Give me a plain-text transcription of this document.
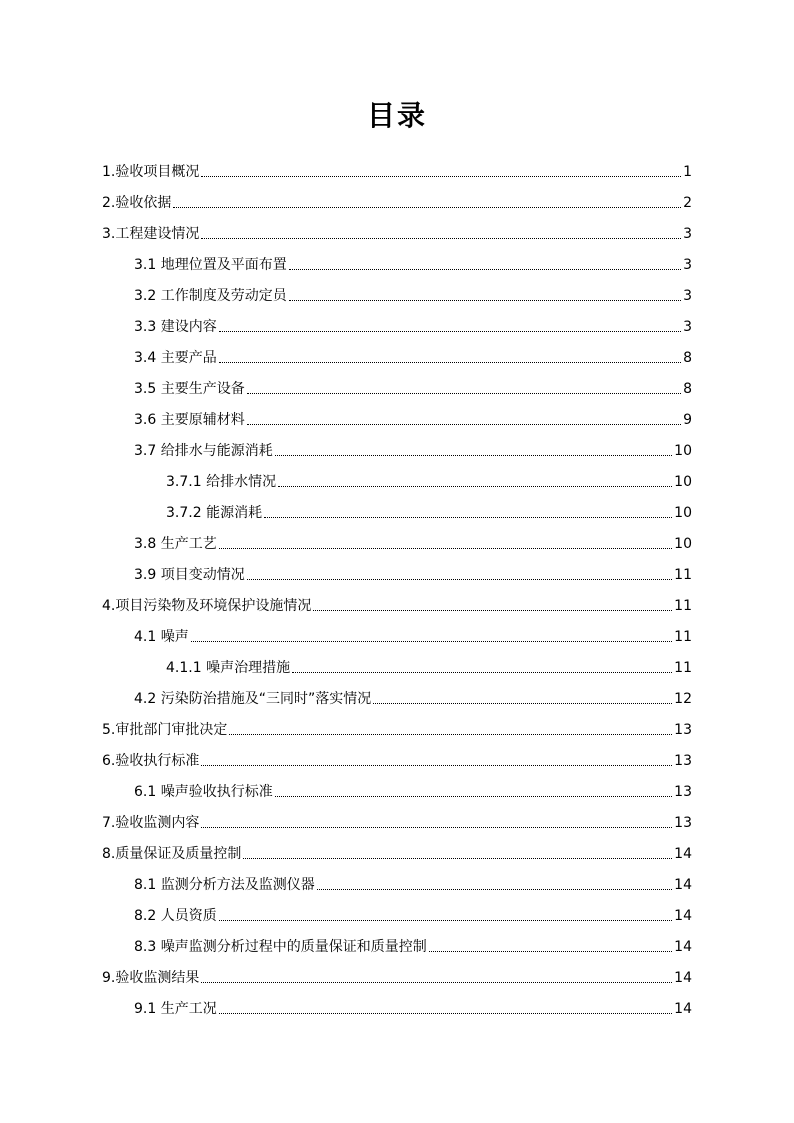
目录
1.验收项目概况	1
2.验收依据	2
3.工程建设情况	3
3.1 地理位置及平面布置	3
3.2 工作制度及劳动定员	3
3.3 建设内容	3
3.4 主要产品	8
3.5 主要生产设备	8
3.6 主要原辅材料	9
3.7 给排水与能源消耗	10
3.7.1 给排水情况	10
3.7.2 能源消耗	10
3.8 生产工艺	10
3.9 项目变动情况	11
4.项目污染物及环境保护设施情况	11
4.1 噪声	11
4.1.1 噪声治理措施	11
4.2 污染防治措施及“三同时”落实情况	12
5.审批部门审批决定	13
6.验收执行标准	13
6.1 噪声验收执行标准	13
7.验收监测内容	13
8.质量保证及质量控制	14
8.1 监测分析方法及监测仪器	14
8.2 人员资质	14
8.3 噪声监测分析过程中的质量保证和质量控制	14
9.验收监测结果	14
9.1 生产工况	14
